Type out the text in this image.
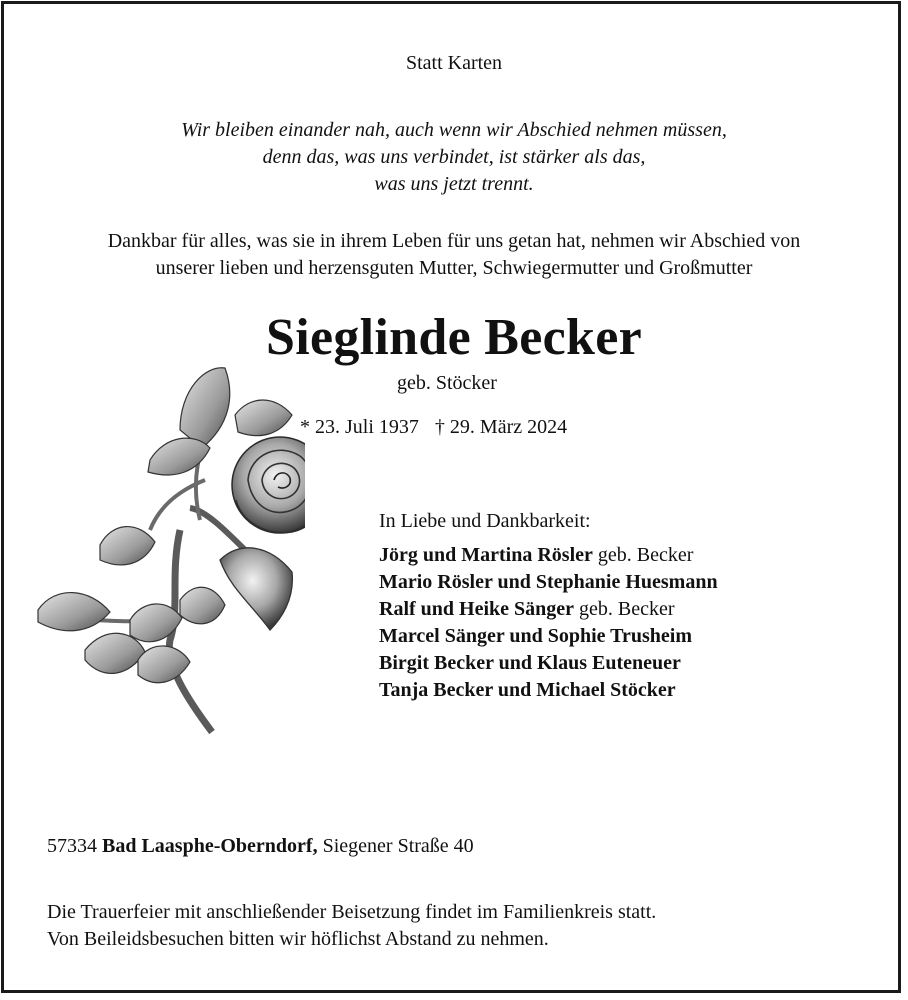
Statt Karten
Wir bleiben einander nah, auch wenn wir Abschied nehmen müssen,
denn das, was uns verbindet, ist stärker als das,
was uns jetzt trennt.
Dankbar für alles, was sie in ihrem Leben für uns getan hat, nehmen wir Abschied von
unserer lieben und herzensguten Mutter, Schwiegermutter und Großmutter
Sieglinde Becker
geb. Stöcker
* 23. Juli 1937 † 29. März 2024
In Liebe und Dankbarkeit:
Jörg und Martina Rösler geb. Becker
Mario Rösler und Stephanie Huesmann
Ralf und Heike Sänger geb. Becker
Marcel Sänger und Sophie Trusheim
Birgit Becker und Klaus Euteneuer
Tanja Becker und Michael Stöcker
57334 Bad Laasphe-Oberndorf, Siegener Straße 40
Die Trauerfeier mit anschließender Beisetzung findet im Familienkreis statt.
Von Beileidsbesuchen bitten wir höflichst Abstand zu nehmen.
